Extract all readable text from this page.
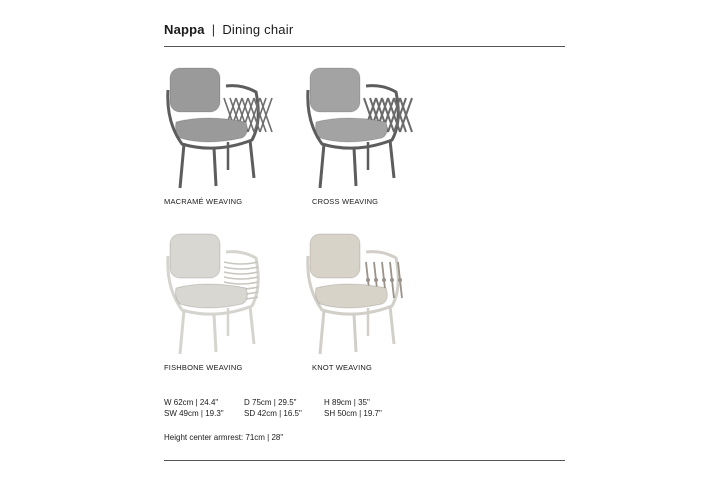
Nappa | Dining chair
MACRAMÉ WEAVING	CROSS WEAVING
FISHBONE WEAVING	KNOT WEAVING
W 62cm | 24.4"	D 75cm | 29.5"	H 89cm | 35"
SW 49cm | 19.3"	SD 42cm | 16.5"	SH 50cm | 19.7"
Height center armrest: 71cm | 28"
